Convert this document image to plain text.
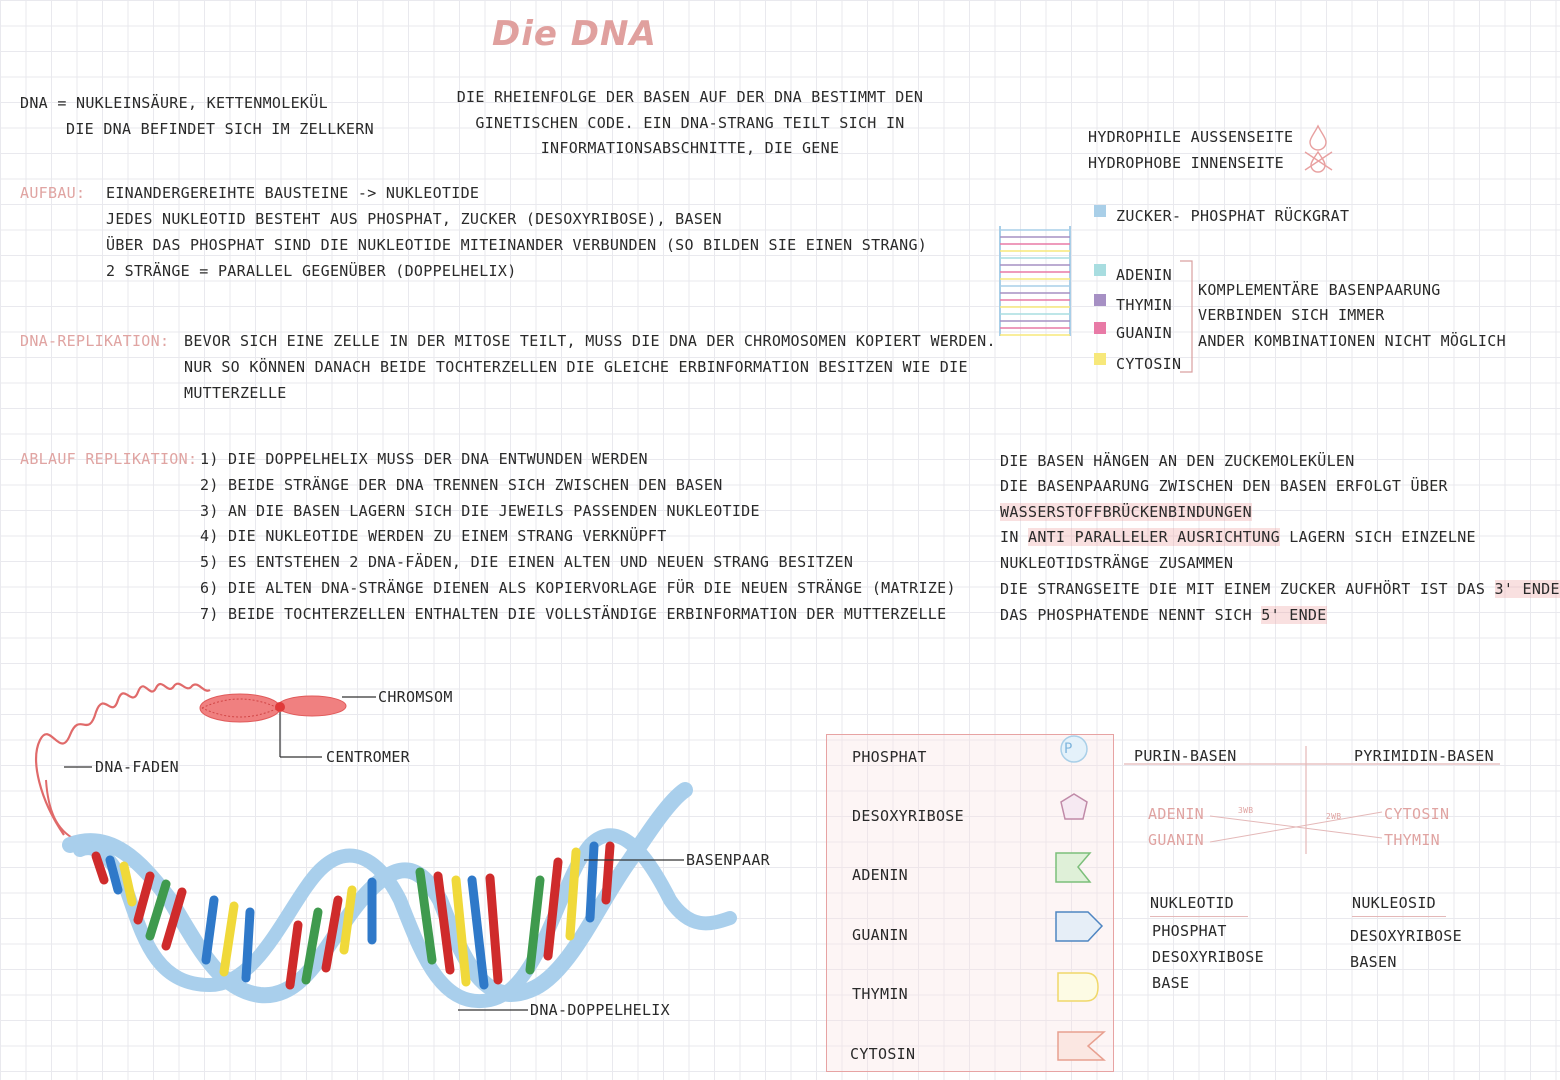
Die DNA
DNA = NUKLEINSÄURE, KETTENMOLEKÜL
DIE DNA BEFINDET SICH IM ZELLKERN
DIE RHEIENFOLGE DER BASEN AUF DER DNA BESTIMMT DEN
GINETISCHEN CODE. EIN DNA-STRANG TEILT SICH IN
INFORMATIONSABSCHNITTE, DIE GENE
AUFBAU: EINANDERGEREIHTE BAUSTEINE -> NUKLEOTIDE
JEDES NUKLEOTID BESTEHT AUS PHOSPHAT, ZUCKER (DESOXYRIBOSE), BASEN
ÜBER DAS PHOSPHAT SIND DIE NUKLEOTIDE MITEINANDER VERBUNDEN (SO BILDEN SIE EINEN STRANG)
2 STRÄNGE = PARALLEL GEGENÜBER (DOPPELHELIX)
DNA-REPLIKATION: BEVOR SICH EINE ZELLE IN DER MITOSE TEILT, MUSS DIE DNA DER CHROMOSOMEN KOPIERT WERDEN.
NUR SO KÖNNEN DANACH BEIDE TOCHTERZELLEN DIE GLEICHE ERBINFORMATION BESITZEN WIE DIE
MUTTERZELLE
ABLAUF REPLIKATION: 1) DIE DOPPELHELIX MUSS DER DNA ENTWUNDEN WERDEN
2) BEIDE STRÄNGE DER DNA TRENNEN SICH ZWISCHEN DEN BASEN
3) AN DIE BASEN LAGERN SICH DIE JEWEILS PASSENDEN NUKLEOTIDE
4) DIE NUKLEOTIDE WERDEN ZU EINEM STRANG VERKNÜPFT
5) ES ENTSTEHEN 2 DNA-FÄDEN, DIE EINEN ALTEN UND NEUEN STRANG BESITZEN
6) DIE ALTEN DNA-STRÄNGE DIENEN ALS KOPIERVORLAGE FÜR DIE NEUEN STRÄNGE (MATRIZE)
7) BEIDE TOCHTERZELLEN ENTHALTEN DIE VOLLSTÄNDIGE ERBINFORMATION DER MUTTERZELLE
HYDROPHILE AUSSENSEITE
HYDROPHOBE INNENSEITE
ZUCKER- PHOSPHAT RÜCKGRAT
ADENIN
THYMIN
GUANIN
CYTOSIN
KOMPLEMENTÄRE BASENPAARUNG
VERBINDEN SICH IMMER
ANDER KOMBINATIONEN NICHT MÖGLICH
DIE BASEN HÄNGEN AN DEN ZUCKEMOLEKÜLEN
DIE BASENPAARUNG ZWISCHEN DEN BASEN ERFOLGT ÜBER
WASSERSTOFFBRÜCKENBINDUNGEN
IN ANTI PARALLELER AUSRICHTUNG LAGERN SICH EINZELNE
NUKLEOTIDSTRÄNGE ZUSAMMEN
DIE STRANGSEITE DIE MIT EINEM ZUCKER AUFHÖRT IST DAS 3' ENDE
DAS PHOSPHATENDE NENNT SICH 5' ENDE
CHROMSOM
CENTROMER
DNA-FADEN
BASENPAAR
DNA-DOPPELHELIX
PHOSPHAT
DESOXYRIBOSE
ADENIN
GUANIN
THYMIN
CYTOSIN
P	PURIN-BASEN	PYRIMIDIN-BASEN
ADENIN
GUANIN
CYTOSIN
THYMIN
3WB
2WB
NUKLEOTID
PHOSPHAT
DESOXYRIBOSE
BASE
NUKLEOSID
DESOXYRIBOSE
BASEN
